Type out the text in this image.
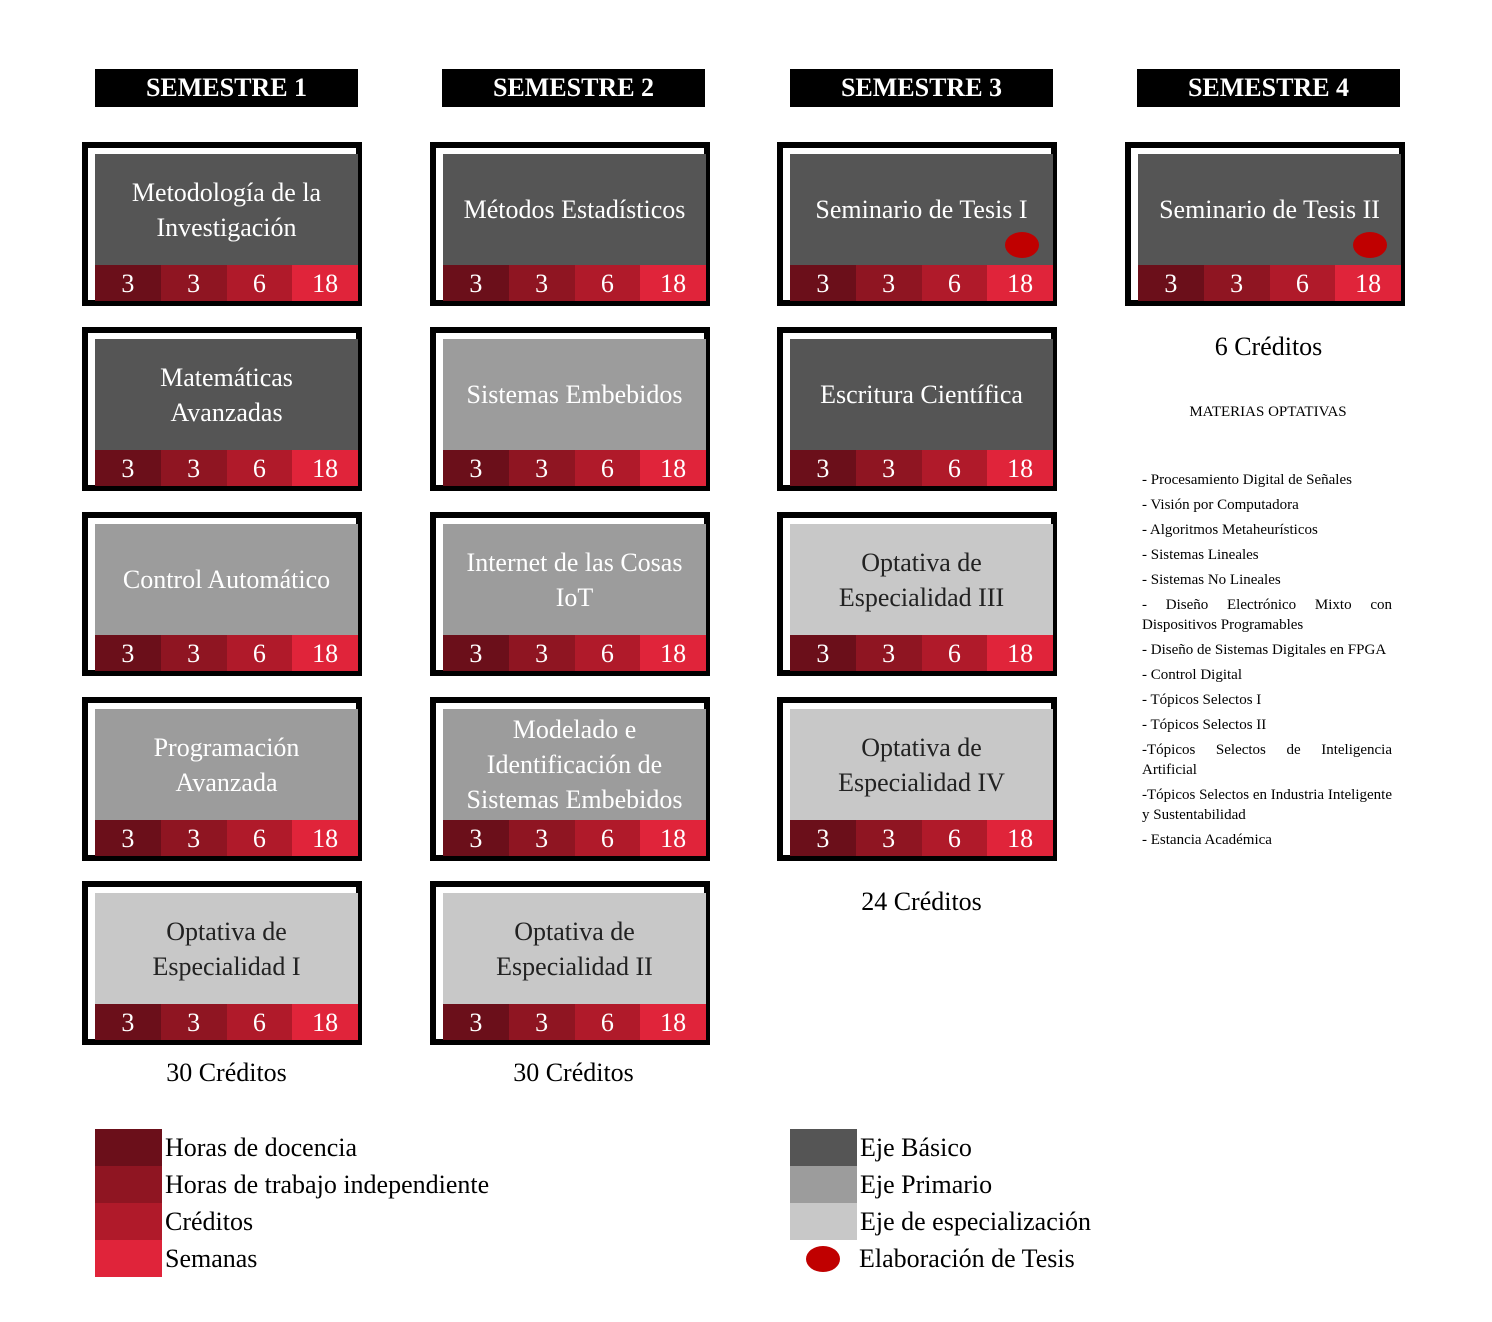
SEMESTRE 1
Metodología de la
Investigación
3	3	6	18
Matemáticas
Avanzadas
3	3	6	18
Control Automático
3	3	6	18
Programación
Avanzada
3	3	6	18
Optativa de
Especialidad I
3	3	6	18
30 Créditos
SEMESTRE 2
Métodos Estadísticos
3	3	6	18
Sistemas Embebidos
3	3	6	18
Internet de las Cosas
IoT
3	3	6	18
Modelado e
Identificación de
Sistemas Embebidos
3	3	6	18
Optativa de
Especialidad II
3	3	6	18
30 Créditos
SEMESTRE 3
Seminario de Tesis I
3	3	6	18
Escritura Científica
3	3	6	18
Optativa de
Especialidad III
3	3	6	18
Optativa de
Especialidad IV
3	3	6	18
24 Créditos
SEMESTRE 4
Seminario de Tesis II
3	3	6	18
6 Créditos
MATERIAS OPTATIVAS
- Procesamiento Digital de Señales
- Visión por Computadora
- Algoritmos Metaheurísticos
- Sistemas Lineales
- Sistemas No Lineales
- Diseño Electrónico Mixto con Dispositivos Programables
- Diseño de Sistemas Digitales en FPGA
- Control Digital
- Tópicos Selectos I
- Tópicos Selectos II
-Tópicos Selectos de Inteligencia Artificial
-Tópicos Selectos en Industria Inteligente y Sustentabilidad
- Estancia Académica
Horas de docencia
Horas de trabajo independiente
Créditos
Semanas
Eje Básico
Eje Primario
Eje de especialización
Elaboración de Tesis
